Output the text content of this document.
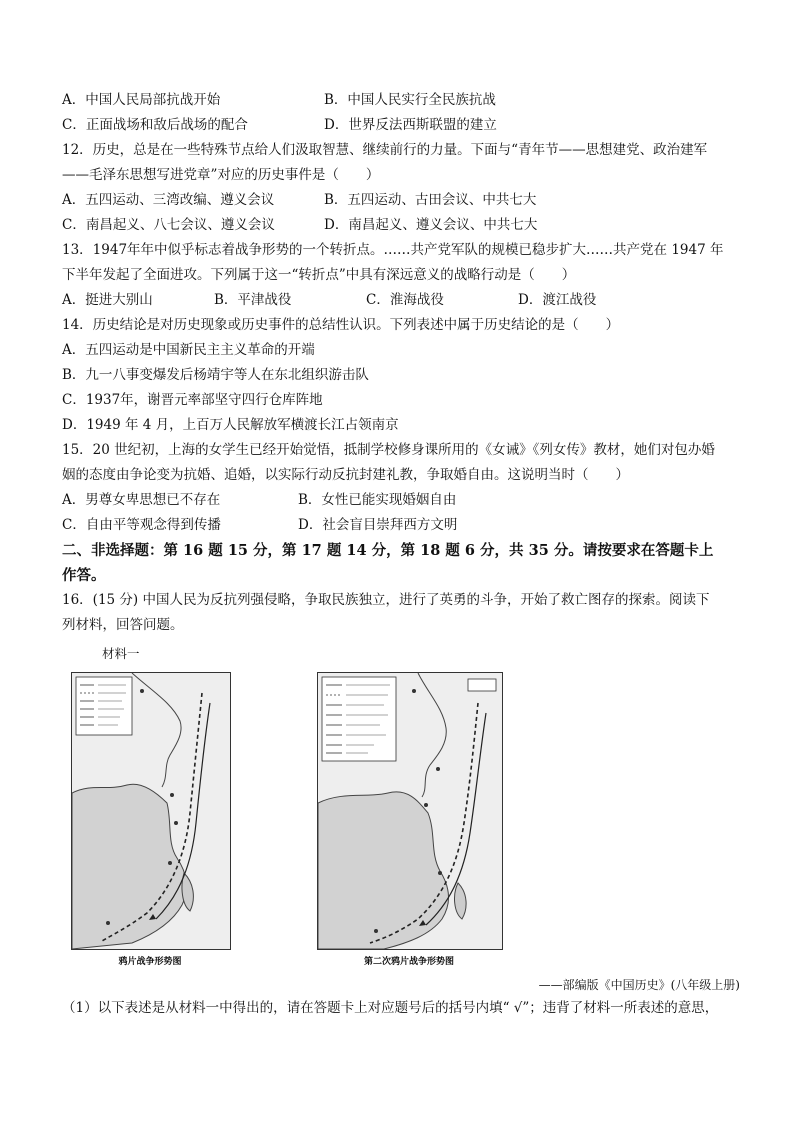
A．中国人民局部抗战开始	B．中国人民实行全民族抗战
C．正面战场和敌后战场的配合	D．世界反法西斯联盟的建立
12．历史，总是在一些特殊节点给人们汲取智慧、继续前行的力量。下面与“青年节——思想建党、政治建军
——毛泽东思想写进党章”对应的历史事件是（　　）
A．五四运动、三湾改编、遵义会议	B．五四运动、古田会议、中共七大
C．南昌起义、八七会议、遵义会议	D．南昌起义、遵义会议、中共七大
13．1947年年中似乎标志着战争形势的一个转折点。……共产党军队的规模已稳步扩大……共产党在 1947 年
下半年发起了全面进攻。下列属于这一“转折点”中具有深远意义的战略行动是（　　）
A．挺进大别山	B．平津战役	C．淮海战役	D．渡江战役
14．历史结论是对历史现象或历史事件的总结性认识。下列表述中属于历史结论的是（　　）
A．五四运动是中国新民主主义革命的开端
B．九一八事变爆发后杨靖宇等人在东北组织游击队
C．1937年，谢晋元率部坚守四行仓库阵地
D．1949 年 4 月，上百万人民解放军横渡长江占领南京
15．20 世纪初，上海的女学生已经开始觉悟，抵制学校修身课所用的《女诫》《列女传》教材，她们对包办婚
姻的态度由争论变为抗婚、追婚，以实际行动反抗封建礼教，争取婚自由。这说明当时（　　）
A．男尊女卑思想已不存在	B．女性已能实现婚姻自由
C．自由平等观念得到传播	D．社会盲目崇拜西方文明
二、非选择题：第 16 题 15 分，第 17 题 14 分，第 18 题 6 分，共 35 分。请按要求在答题卡上
作答。
16．(15 分) 中国人民为反抗列强侵略，争取民族独立，进行了英勇的斗争，开始了救亡图存的探索。阅读下
列材料，回答问题。
材料一
鸦片战争形势图	第二次鸦片战争形势图
——部编版《中国历史》(八年级上册)
（1）以下表述是从材料一中得出的，请在答题卡上对应题号后的括号内填“ √”；违背了材料一所表述的意思，
